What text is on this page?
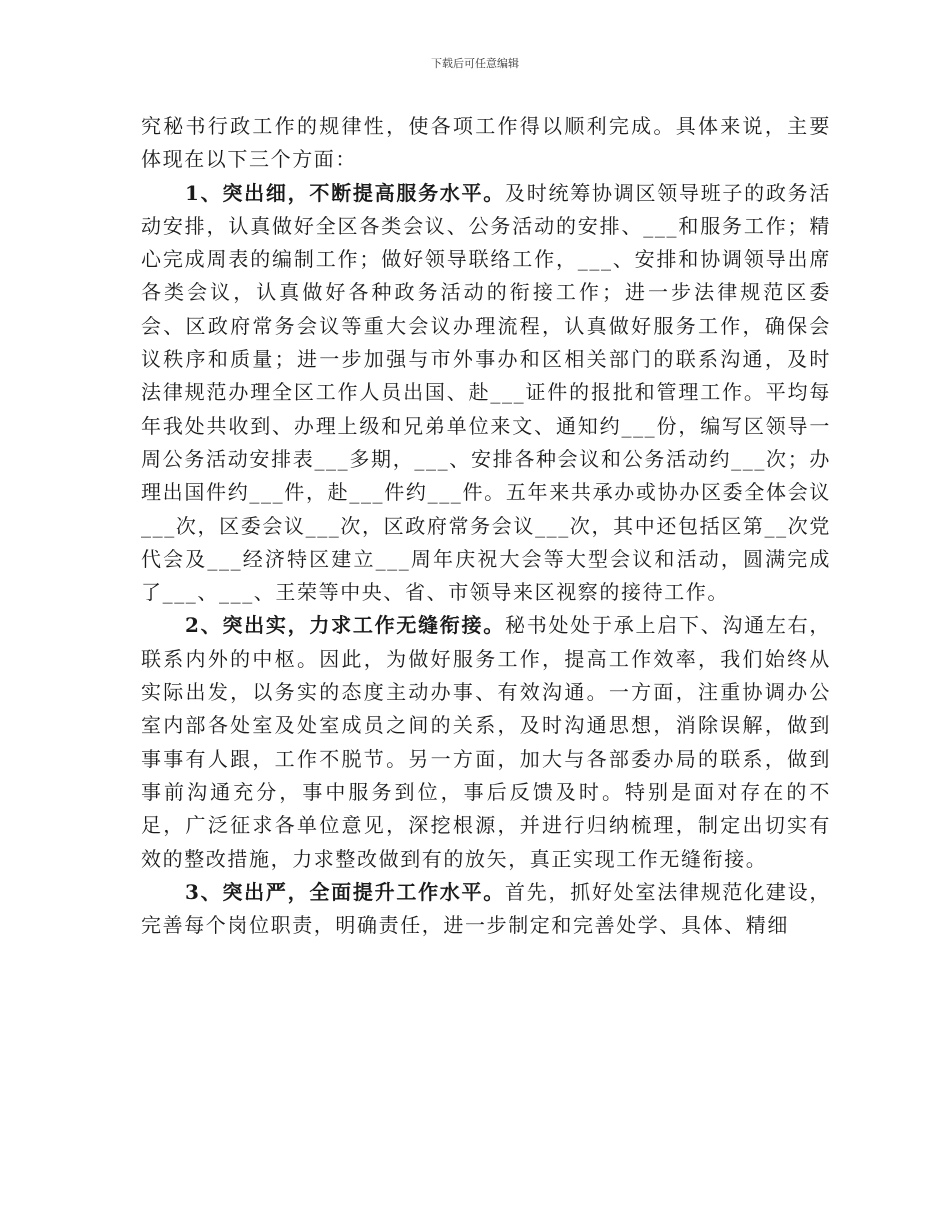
下载后可任意编辑

究秘书行政工作的规律性，使各项工作得以顺利完成。具体来说，主要体现在以下三个方面：

1、突出细，不断提高服务水平。及时统筹协调区领导班子的政务活动安排，认真做好全区各类会议、公务活动的安排、___和服务工作；精心完成周表的编制工作；做好领导联络工作，___、安排和协调领导出席各类会议，认真做好各种政务活动的衔接工作；进一步法律规范区委会、区政府常务会议等重大会议办理流程，认真做好服务工作，确保会议秩序和质量；进一步加强与市外事办和区相关部门的联系沟通，及时法律规范办理全区工作人员出国、赴___证件的报批和管理工作。平均每年我处共收到、办理上级和兄弟单位来文、通知约___份，编写区领导一周公务活动安排表___多期，___、安排各种会议和公务活动约___次；办理出国件约___件，赴___件约___件。五年来共承办或协办区委全体会议___次，区委会议___次，区政府常务会议___次，其中还包括区第__次党代会及___经济特区建立___周年庆祝大会等大型会议和活动，圆满完成了___、___、王荣等中央、省、市领导来区视察的接待工作。

2、突出实，力求工作无缝衔接。秘书处处于承上启下、沟通左右，联系内外的中枢。因此，为做好服务工作，提高工作效率，我们始终从实际出发，以务实的态度主动办事、有效沟通。一方面，注重协调办公室内部各处室及处室成员之间的关系，及时沟通思想，消除误解，做到事事有人跟，工作不脱节。另一方面，加大与各部委办局的联系，做到事前沟通充分，事中服务到位，事后反馈及时。特别是面对存在的不足，广泛征求各单位意见，深挖根源，并进行归纳梳理，制定出切实有效的整改措施，力求整改做到有的放矢，真正实现工作无缝衔接。

3、突出严，全面提升工作水平。首先，抓好处室法律规范化建设，完善每个岗位职责，明确责任，进一步制定和完善处学、具体、精细
